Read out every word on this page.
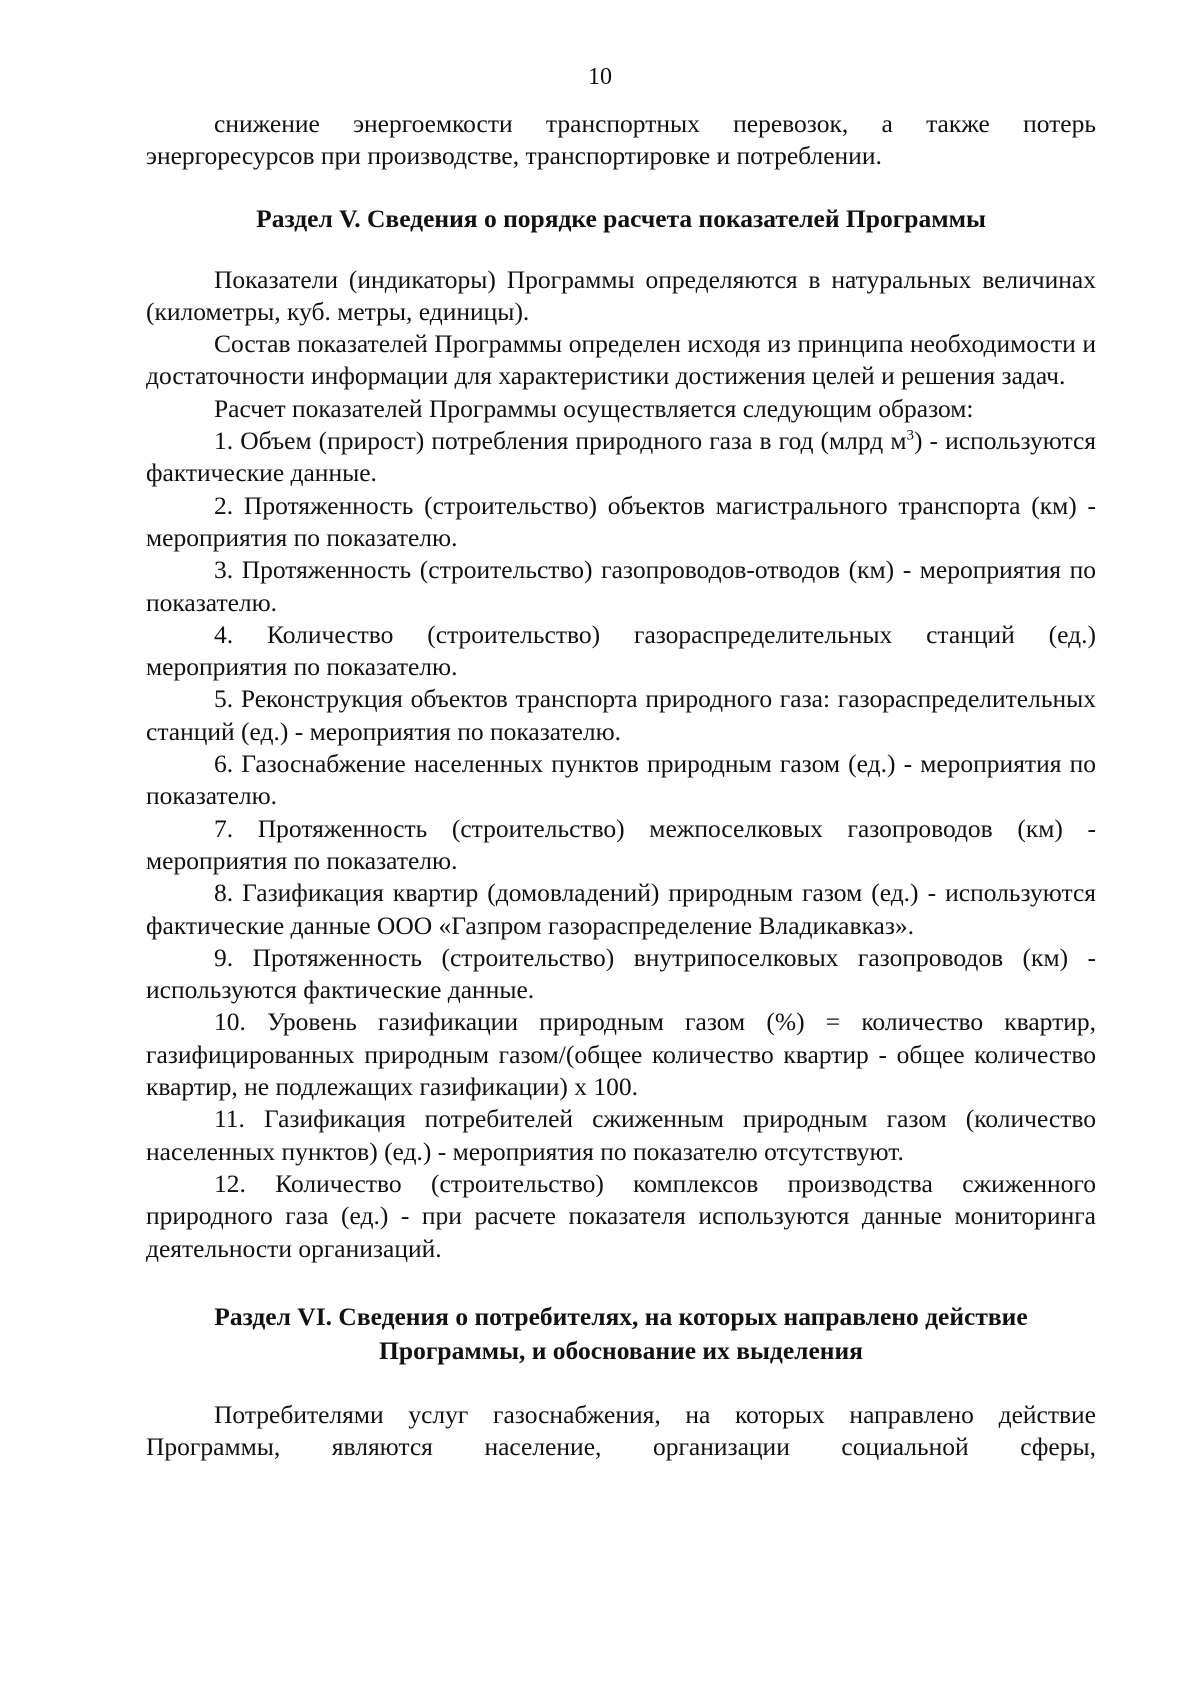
10

снижение энергоемкости транспортных перевозок, а также потерь энергоресурсов при производстве, транспортировке и потреблении.

Раздел V. Сведения о порядке расчета показателей Программы

Показатели (индикаторы) Программы определяются в натуральных величинах (километры, куб. метры, единицы).

Состав показателей Программы определен исходя из принципа необходимости и достаточности информации для характеристики достижения целей и решения задач.

Расчет показателей Программы осуществляется следующим образом:

1. Объем (прирост) потребления природного газа в год (млрд $м^3$) - используются фактические данные.

2. Протяженность (строительство) объектов магистрального транспорта (км) - мероприятия по показателю.

3. Протяженность (строительство) газопроводов-отводов (км) - мероприятия по показателю.

4. Количество (строительство) газораспределительных станций (ед.) мероприятия по показателю.

5. Реконструкция объектов транспорта природного газа: газораспределительных станций (ед.) - мероприятия по показателю.

6. Газоснабжение населенных пунктов природным газом (ед.) - мероприятия по показателю.

7. Протяженность (строительство) межпоселковых газопроводов (км) - мероприятия по показателю.

8. Газификация квартир (домовладений) природным газом (ед.) - используются фактические данные ООО «Газпром газораспределение Владикавказ».

9. Протяженность (строительство) внутрипоселковых газопроводов (км) - используются фактические данные.

10. Уровень газификации природным газом (%) = количество квартир, газифицированных природным газом/(общее количество квартир - общее количество квартир, не подлежащих газификации) x 100.

11. Газификация потребителей сжиженным природным газом (количество населенных пунктов) (ед.) - мероприятия по показателю отсутствуют.

12. Количество (строительство) комплексов производства сжиженного природного газа (ед.) - при расчете показателя используются данные мониторинга деятельности организаций.

Раздел VI. Сведения о потребителях, на которых направлено действие
Программы, и обоснование их выделения

Потребителями услуг газоснабжения, на которых направлено действие Программы, являются население, организации социальной сферы,
